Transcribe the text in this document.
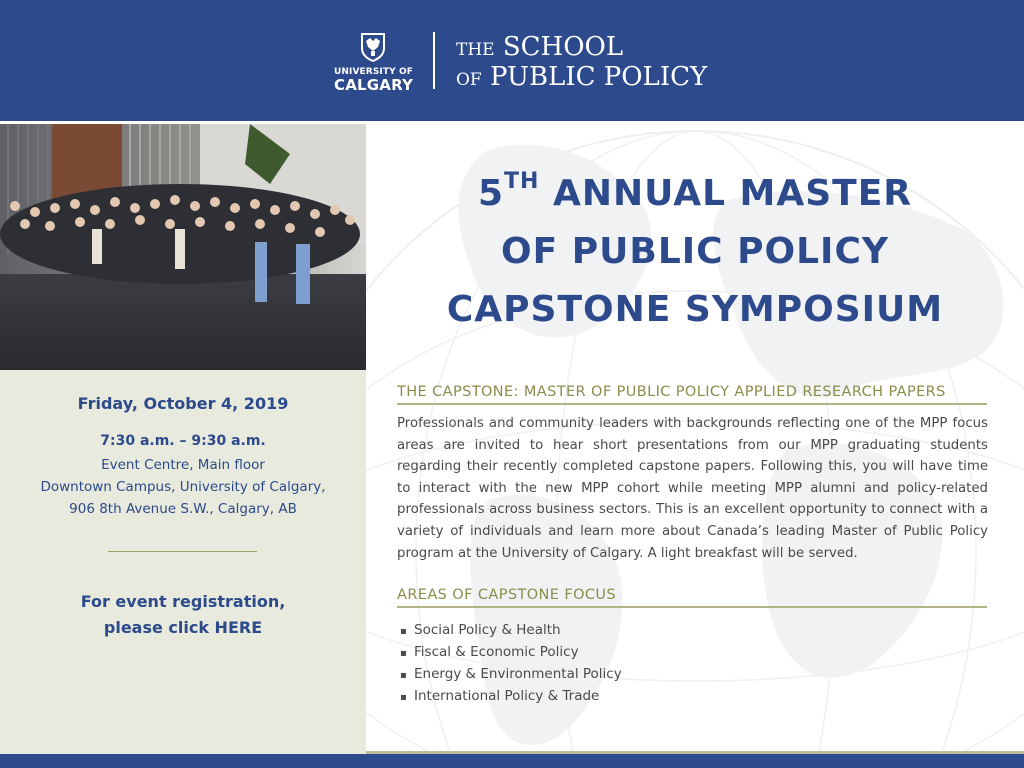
UNIVERSITY OF
CALGARY
THE SCHOOL
OF PUBLIC POLICY
Friday, October 4, 2019
7:30 a.m. – 9:30 a.m.
Event Centre, Main floor
Downtown Campus, University of Calgary,
906 8th Avenue S.W., Calgary, AB
For event registration,
please click HERE
5TH ANNUAL MASTER
OF PUBLIC POLICY
CAPSTONE SYMPOSIUM
THE CAPSTONE: MASTER OF PUBLIC POLICY APPLIED RESEARCH PAPERS

Professionals and community leaders with backgrounds reflecting one of the MPP focus areas are invited to hear short presentations from our MPP graduating students regarding their recently completed capstone papers. Following this, you will have time to interact with the new MPP cohort while meeting MPP alumni and policy-related professionals across business sectors. This is an excellent opportunity to connect with a variety of individuals and learn more about Canada’s leading Master of Public Policy program at the University of Calgary. A light breakfast will be served.

AREAS OF CAPSTONE FOCUS
▪ Social Policy & Health
▪ Fiscal & Economic Policy
▪ Energy & Environmental Policy
▪ International Policy & Trade
